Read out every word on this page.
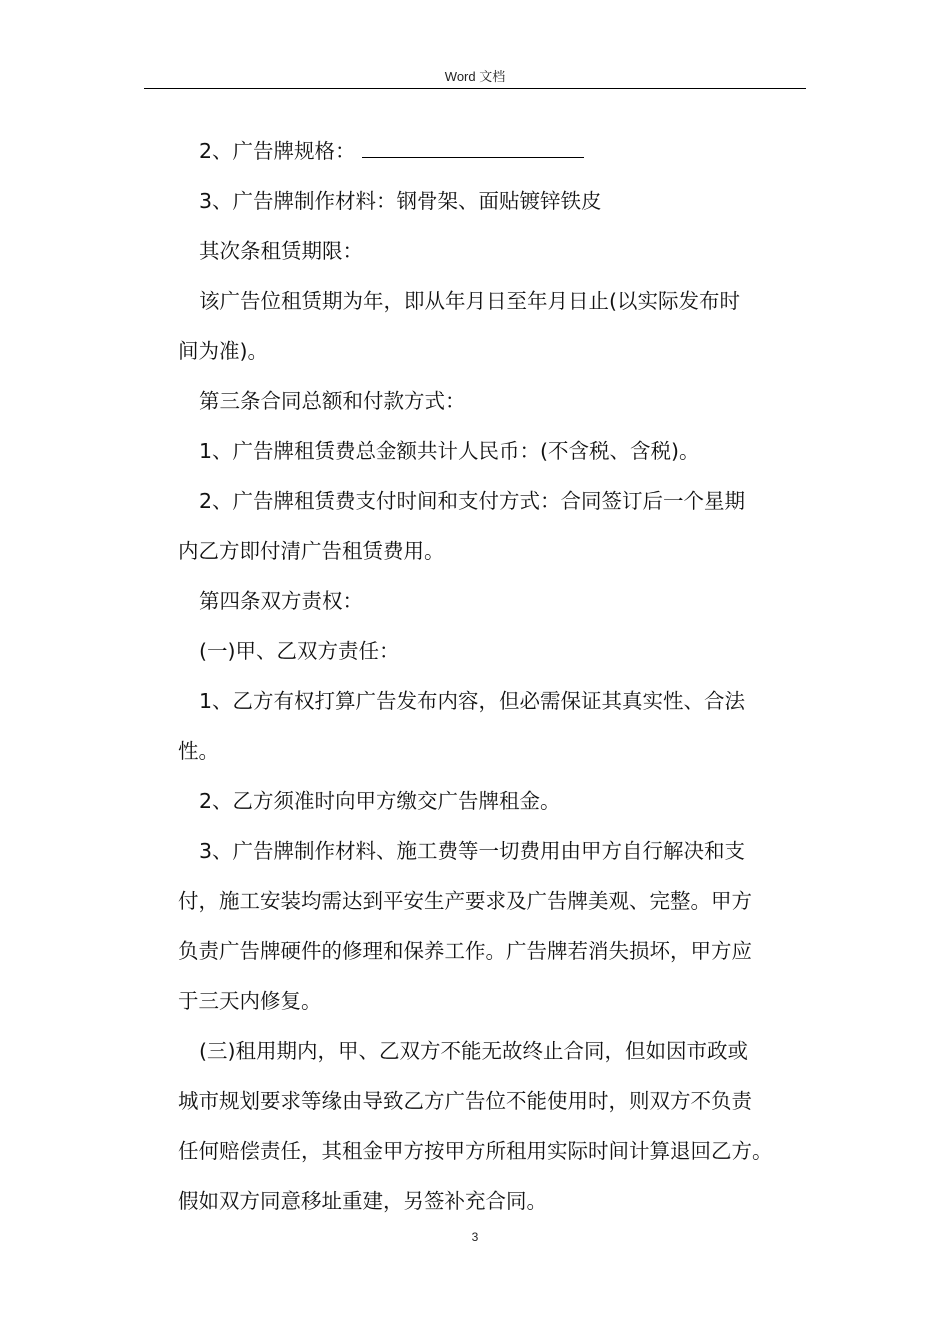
Word 文档

2、广告牌规格：

3、广告牌制作材料：钢骨架、面贴镀锌铁皮

其次条租赁期限：

该广告位租赁期为年，即从年月日至年月日止(以实际发布时

间为准)。

第三条合同总额和付款方式：

1、广告牌租赁费总金额共计人民币：(不含税、含税)。

2、广告牌租赁费支付时间和支付方式：合同签订后一个星期

内乙方即付清广告租赁费用。

第四条双方责权：

(一)甲、乙双方责任：

1、乙方有权打算广告发布内容，但必需保证其真实性、合法

性。

2、乙方须准时向甲方缴交广告牌租金。

3、广告牌制作材料、施工费等一切费用由甲方自行解决和支

付，施工安装均需达到平安生产要求及广告牌美观、完整。甲方

负责广告牌硬件的修理和保养工作。广告牌若消失损坏，甲方应

于三天内修复。

(三)租用期内，甲、乙双方不能无故终止合同，但如因市政或

城市规划要求等缘由导致乙方广告位不能使用时，则双方不负责

任何赔偿责任，其租金甲方按甲方所租用实际时间计算退回乙方。

假如双方同意移址重建，另签补充合同。

3
